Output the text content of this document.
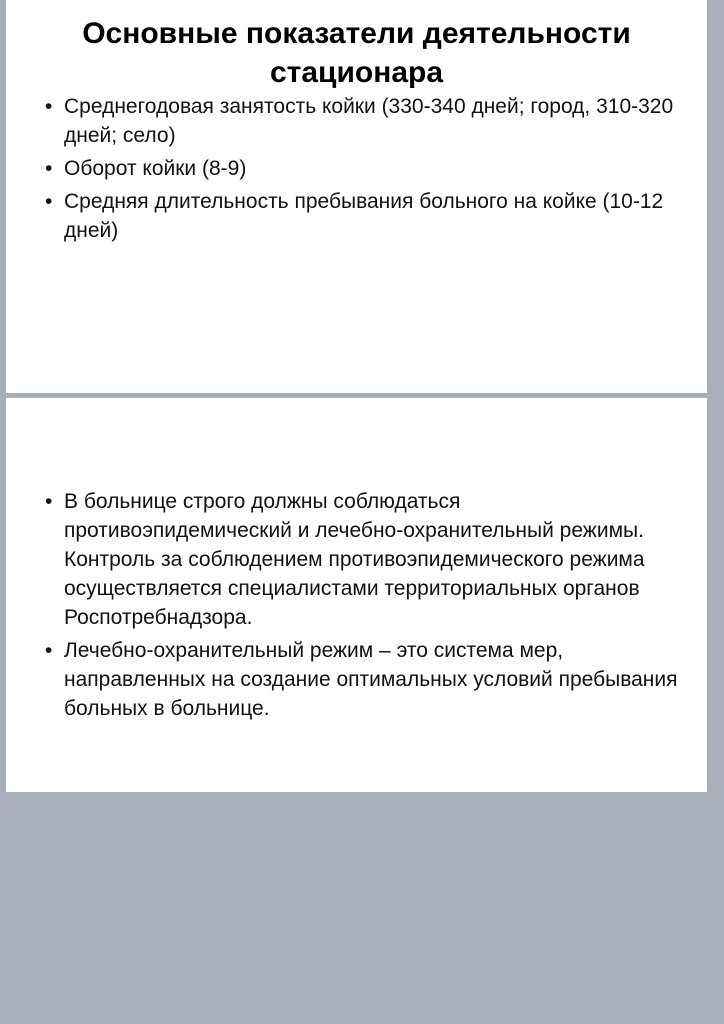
Основные показатели деятельности стационара
• Среднегодовая занятость койки (330-340 дней; город, 310-320 дней; село)
• Оборот койки (8-9)
• Средняя длительность пребывания больного на койке (10-12 дней)
• В больнице строго должны соблюдаться противоэпидемический и лечебно-охранительный режимы. Контроль за соблюдением противоэпидемического режима осуществляется специалистами территориальных органов Роспотребнадзора.
• Лечебно-охранительный режим – это система мер, направленных на создание оптимальных условий пребывания больных в больнице.
